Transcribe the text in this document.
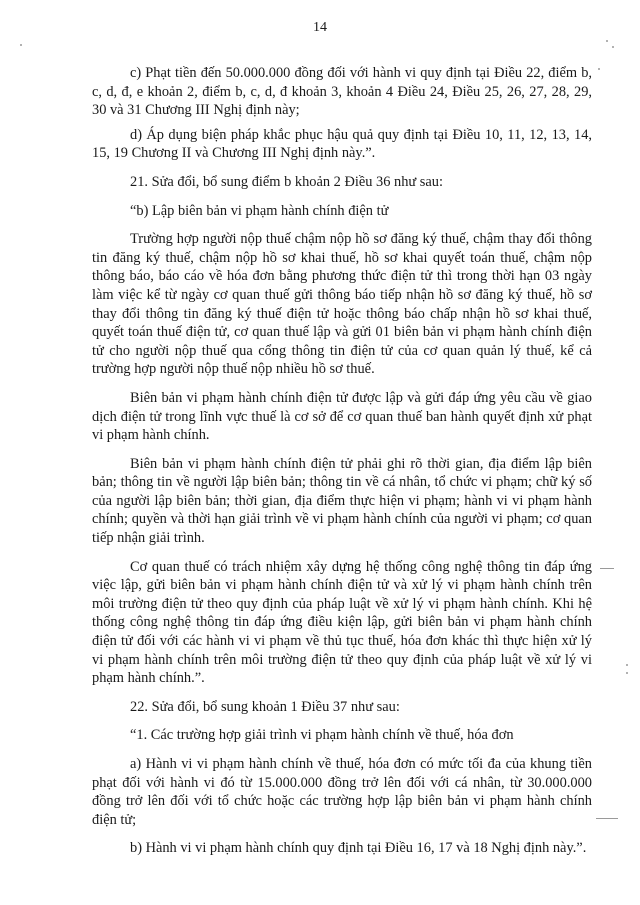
14

c) Phạt tiền đến 50.000.000 đồng đối với hành vi quy định tại Điều 22, điểm b, c, d, đ, e khoản 2, điểm b, c, d, đ khoản 3, khoản 4 Điều 24, Điều 25, 26, 27, 28, 29, 30 và 31 Chương III Nghị định này;

d) Áp dụng biện pháp khắc phục hậu quả quy định tại Điều 10, 11, 12, 13, 14, 15, 19 Chương II và Chương III Nghị định này.”.

21. Sửa đổi, bổ sung điểm b khoản 2 Điều 36 như sau:

“b) Lập biên bản vi phạm hành chính điện tử

Trường hợp người nộp thuế chậm nộp hồ sơ đăng ký thuế, chậm thay đổi thông tin đăng ký thuế, chậm nộp hồ sơ khai thuế, hồ sơ khai quyết toán thuế, chậm nộp thông báo, báo cáo về hóa đơn bằng phương thức điện tử thì trong thời hạn 03 ngày làm việc kể từ ngày cơ quan thuế gửi thông báo tiếp nhận hồ sơ đăng ký thuế, hồ sơ thay đổi thông tin đăng ký thuế điện tử hoặc thông báo chấp nhận hồ sơ khai thuế, quyết toán thuế điện tử, cơ quan thuế lập và gửi 01 biên bản vi phạm hành chính điện tử cho người nộp thuế qua cổng thông tin điện tử của cơ quan quản lý thuế, kể cả trường hợp người nộp thuế nộp nhiều hồ sơ thuế.

Biên bản vi phạm hành chính điện tử được lập và gửi đáp ứng yêu cầu về giao dịch điện tử trong lĩnh vực thuế là cơ sở để cơ quan thuế ban hành quyết định xử phạt vi phạm hành chính.

Biên bản vi phạm hành chính điện tử phải ghi rõ thời gian, địa điểm lập biên bản; thông tin về người lập biên bản; thông tin về cá nhân, tổ chức vi phạm; chữ ký số của người lập biên bản; thời gian, địa điểm thực hiện vi phạm; hành vi vi phạm hành chính; quyền và thời hạn giải trình về vi phạm hành chính của người vi phạm; cơ quan tiếp nhận giải trình.

Cơ quan thuế có trách nhiệm xây dựng hệ thống công nghệ thông tin đáp ứng việc lập, gửi biên bản vi phạm hành chính điện tử và xử lý vi phạm hành chính trên môi trường điện tử theo quy định của pháp luật về xử lý vi phạm hành chính. Khi hệ thống công nghệ thông tin đáp ứng điều kiện lập, gửi biên bản vi phạm hành chính điện tử đối với các hành vi vi phạm về thủ tục thuế, hóa đơn khác thì thực hiện xử lý vi phạm hành chính trên môi trường điện tử theo quy định của pháp luật về xử lý vi phạm hành chính.”.

22. Sửa đổi, bổ sung khoản 1 Điều 37 như sau:

“1. Các trường hợp giải trình vi phạm hành chính về thuế, hóa đơn

a) Hành vi vi phạm hành chính về thuế, hóa đơn có mức tối đa của khung tiền phạt đối với hành vi đó từ 15.000.000 đồng trở lên đối với cá nhân, từ 30.000.000 đồng trở lên đối với tổ chức hoặc các trường hợp lập biên bản vi phạm hành chính điện tử;

b) Hành vi vi phạm hành chính quy định tại Điều 16, 17 và 18 Nghị định này.”.
